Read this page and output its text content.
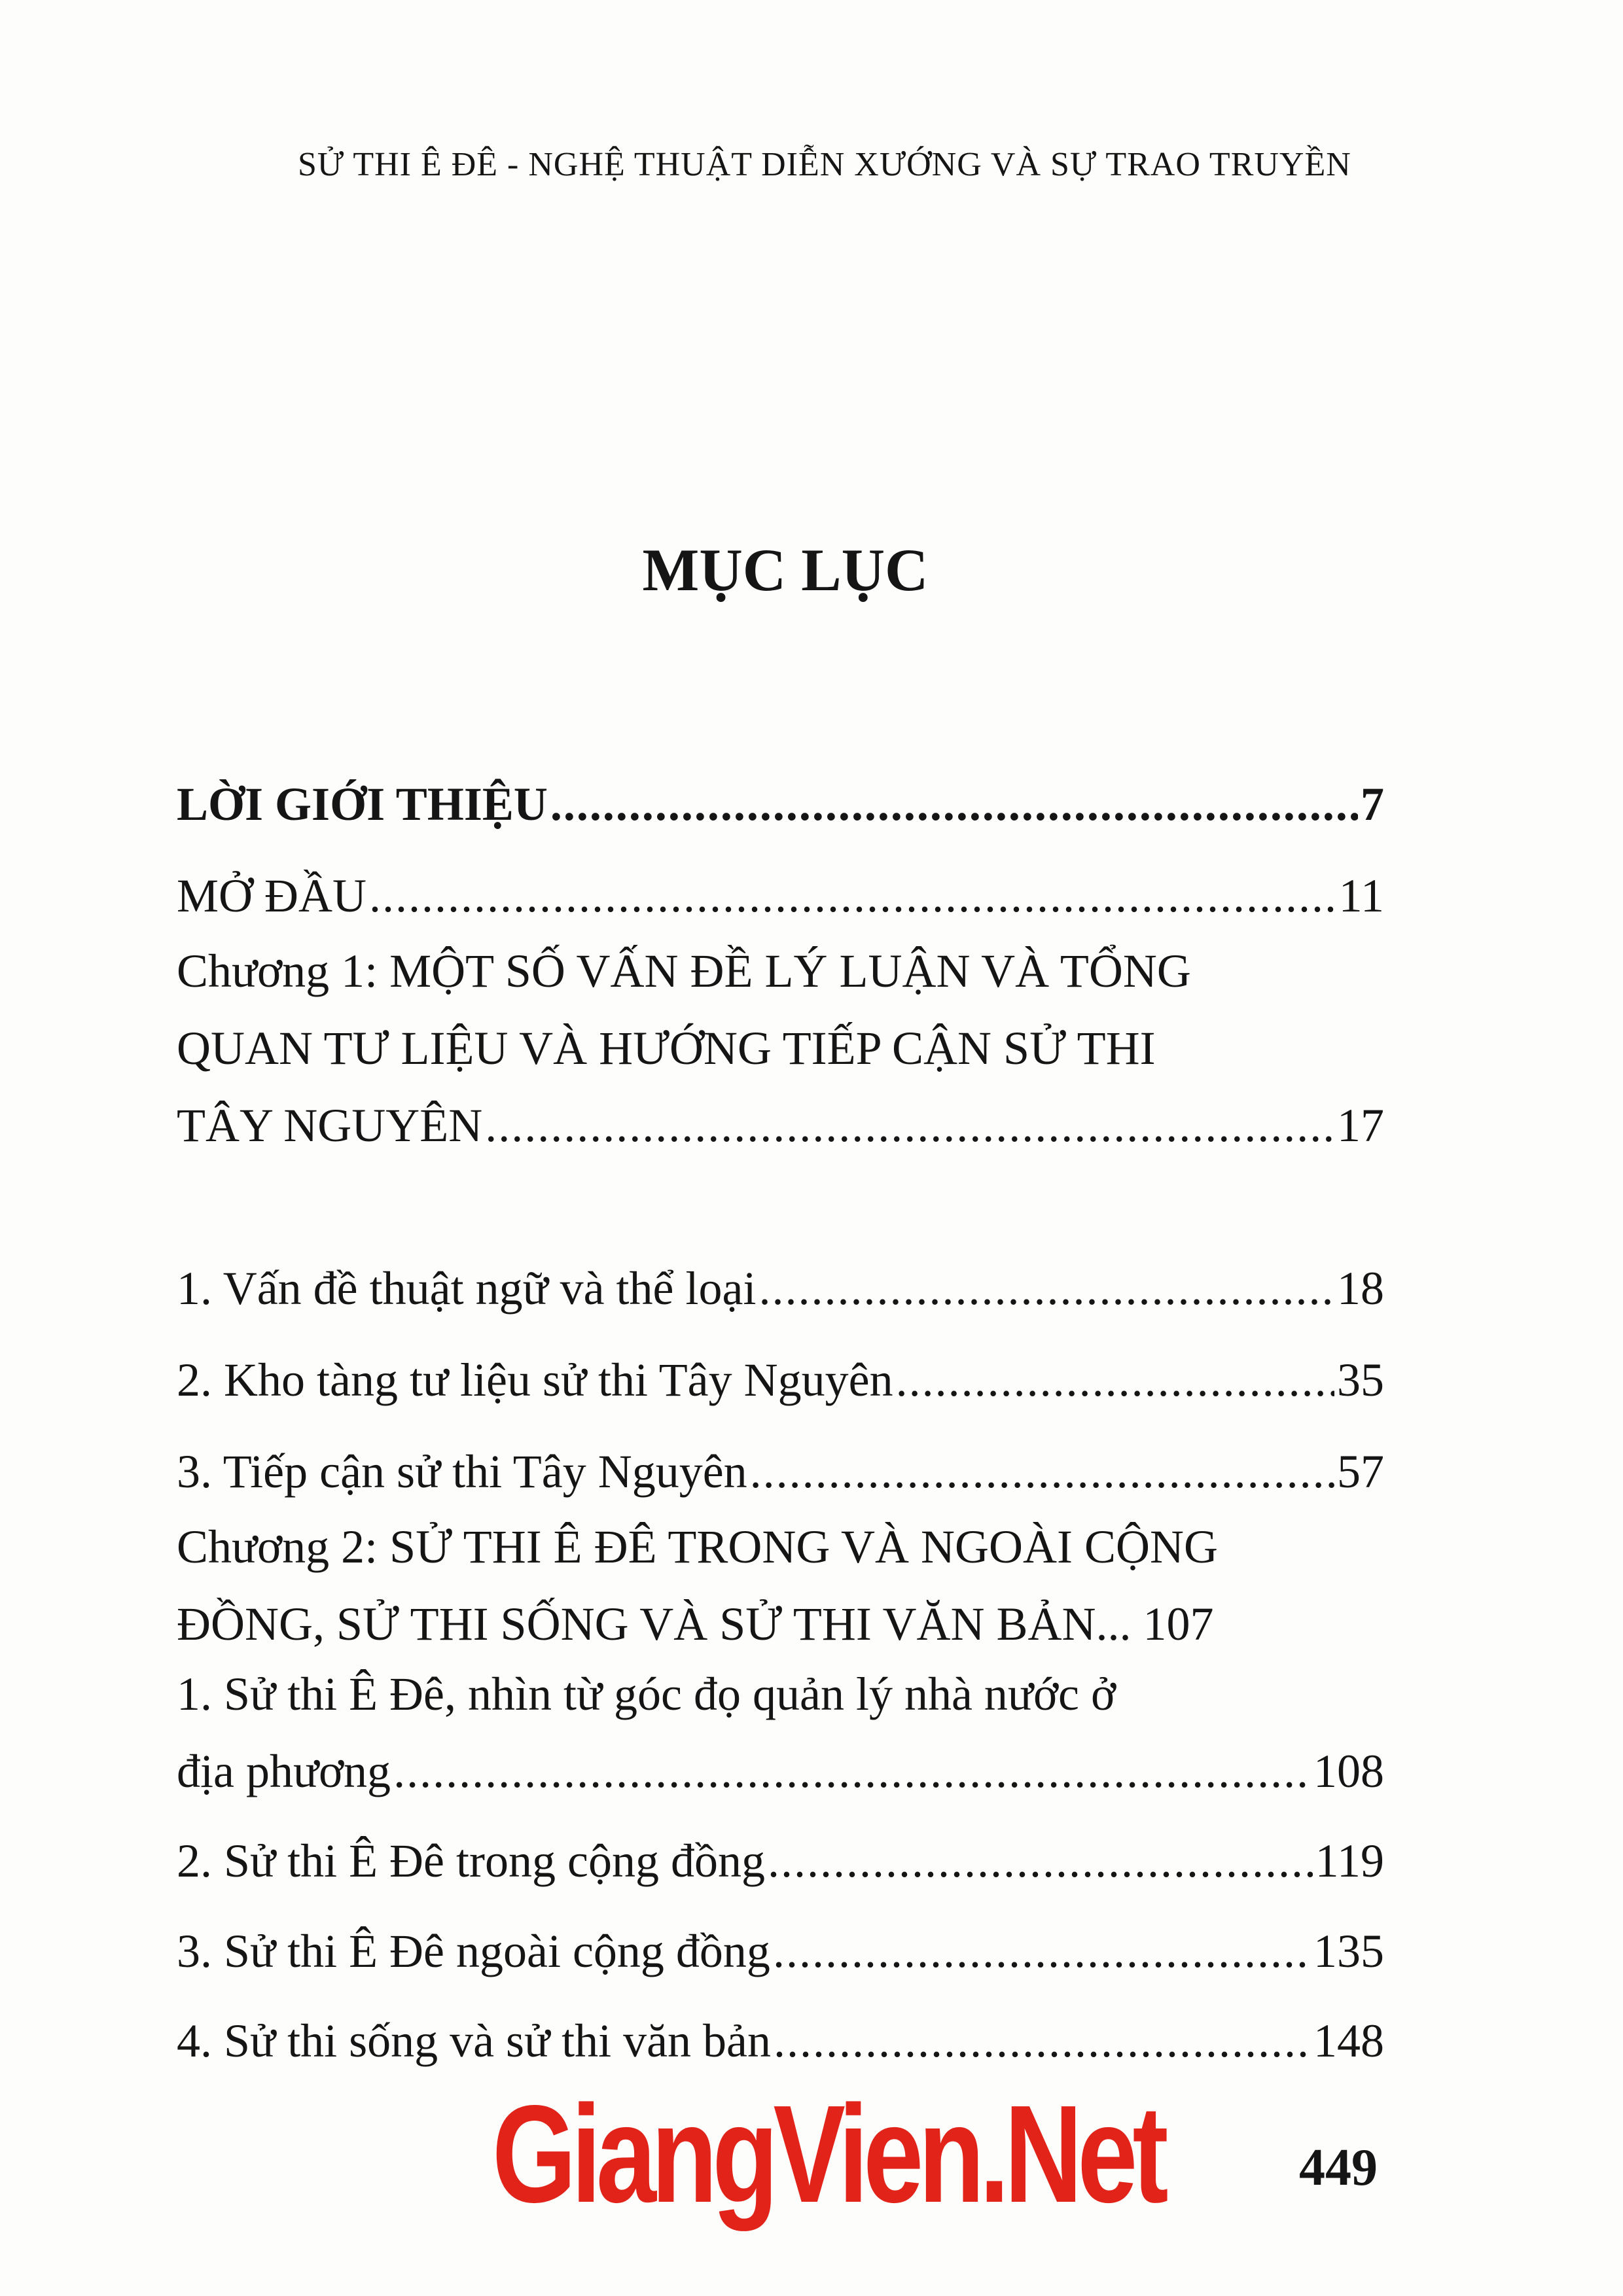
SỬ THI Ê ĐÊ - NGHỆ THUẬT DIỄN XƯỚNG VÀ SỰ TRAO TRUYỀN
MỤC LỤC
LỜI GIỚI THIỆU .....	7
MỞ ĐẦU .....	11
Chương 1: MỘT SỐ VẤN ĐỀ LÝ LUẬN VÀ TỔNG
QUAN TƯ LIỆU VÀ HƯỚNG TIẾP CẬN SỬ THI
TÂY NGUYÊN .....	17
1. Vấn đề thuật ngữ và thể loại .....	18
2. Kho tàng tư liệu sử thi Tây Nguyên .....	35
3. Tiếp cận sử thi Tây Nguyên .....	57
Chương 2: SỬ THI Ê ĐÊ TRONG VÀ NGOÀI CỘNG
ĐỒNG, SỬ THI SỐNG VÀ SỬ THI VĂN BẢN... 107
1. Sử thi Ê Đê, nhìn từ góc đọ quản lý nhà nước ở
địa phương .....	108
2. Sử thi Ê Đê trong cộng đồng .....	119
3. Sử thi Ê Đê ngoài cộng đồng .....	135
4. Sử thi sống và sử thi văn bản .....	148
GiangVien.Net	449
